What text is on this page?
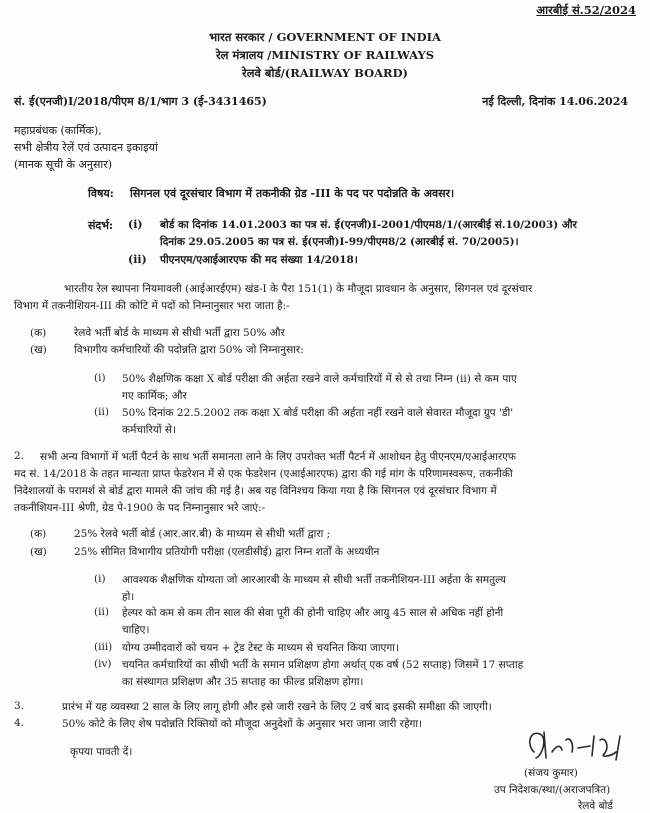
आरबीई सं.52/2024
भारत सरकार / GOVERNMENT OF INDIA
रेल मंत्रालय /MINISTRY OF RAILWAYS
रेलवे बोर्ड/(RAILWAY BOARD)
सं. ई(एनजी)I/2018/पीएम 8/1/भाग 3 (ई-3431465)	नई दिल्ली, दिनांक 14.06.2024
महाप्रबंधक (कार्मिक),
सभी क्षेत्रीय रेलें एवं उत्पादन इकाइयां
(मानक सूची के अनुसार)
विषय: सिगनल एवं दूरसंचार विभाग में तकनीकी ग्रेड -III के पद पर पदोन्नति के अवसर।
संदर्भ: (i) बोर्ड का दिनांक 14.01.2003 का पत्र सं. ई(एनजी)I-2001/पीएम8/1/(आरबीई सं.10/2003) और
दिनांक 29.05.2005 का पत्र सं. ई(एनजी)I-99/पीएम8/2 (आरबीई सं. 70/2005)।
(ii) पीएनएम/एआईआरएफ की मद संख्या 14/2018।
भारतीय रेल स्थापना नियमावली (आईआरईएम) खंड-I के पैरा 151(1) के मौजूदा प्रावधान के अनुसार, सिगनल एवं दूरसंचार
विभाग में तकनीशियन-III की कोटि में पदों को निम्नानुसार भरा जाता है:-
(क)	रेलवे भर्ती बोर्ड के माध्यम से सीधी भर्ती द्वारा 50% और
(ख)	विभागीय कर्मचारियों की पदोन्नति द्वारा 50% जो निम्नानुसार:
(i) 50% शैक्षणिक कक्षा X बोर्ड परीक्षा की अर्हता रखने वाले कर्मचारियों में से से तथा निम्न (ii) से कम पाए
गए कार्मिक; और
(ii) 50% दिनांक 22.5.2002 तक कक्षा X बोर्ड परीक्षा की अर्हता नहीं रखने वाले सेवारत मौजूदा ग्रुप 'डी'
कर्मचारियों से।
2. सभी अन्य विभागों में भर्ती पैटर्न के साथ भर्ती समानता लाने के लिए उपरोक्त भर्ती पैटर्न में आशोधन हेतु पीएनएम/एआईआरएफ
मद सं. 14/2018 के तहत मान्यता प्राप्त फेडरेशन में से एक फेडरेशन (एआईआरएफ) द्वारा की गई मांग के परिणामस्वरूप, तकनीकी
निदेशालयों के परामर्श से बोर्ड द्वारा मामले की जांच की गई है। अब यह विनिश्चय किया गया है कि सिगनल एवं दूरसंचार विभाग में
तकनीशियन-III श्रेणी, ग्रेड पे-1900 के पद निम्नानुसार भरे जाएं:-
(क)	25% रेलवे भर्ती बोर्ड (आर.आर.बी) के माध्यम से सीधी भर्ती द्वारा ;
(ख)	25% सीमित विभागीय प्रतियोगी परीक्षा (एलडीसीई) द्वारा निम्न शर्तों के अध्यधीन
(i) आवश्यक शैक्षणिक योग्यता जो आरआरबी के माध्यम से सीधी भर्ती तकनीशियन-III अर्हता के समतुल्य
हो।
(ii) हेल्पर को कम से कम तीन साल की सेवा पूरी की होनी चाहिए और आयु 45 साल से अधिक नहीं होनी
चाहिए।
(iii) योग्य उम्मीदवारों को चयन + ट्रेड टेस्ट के माध्यम से चयनित किया जाएगा।
(iv) चयनित कर्मचारियों का सीधी भर्ती के समान प्रशिक्षण होगा अर्थात् एक वर्ष (52 सप्ताह) जिसमें 17 सप्ताह
का संस्थागत प्रशिक्षण और 35 सप्ताह का फील्ड प्रशिक्षण होगा।
3.	प्रारंभ में यह व्यवस्था 2 साल के लिए लागू होगी और इसे जारी रखने के लिए 2 वर्ष बाद इसकी समीक्षा की जाएगी।
4.	50% कोटे के लिए शेष पदोन्नति रिक्तियों को मौजूदा अनुदेशों के अनुसार भरा जाना जारी रहेगा।
कृपया पावती दें।
(संजय कुमार)
उप निदेशक/स्था/(अराजपत्रित)
रेलवे बोर्ड
